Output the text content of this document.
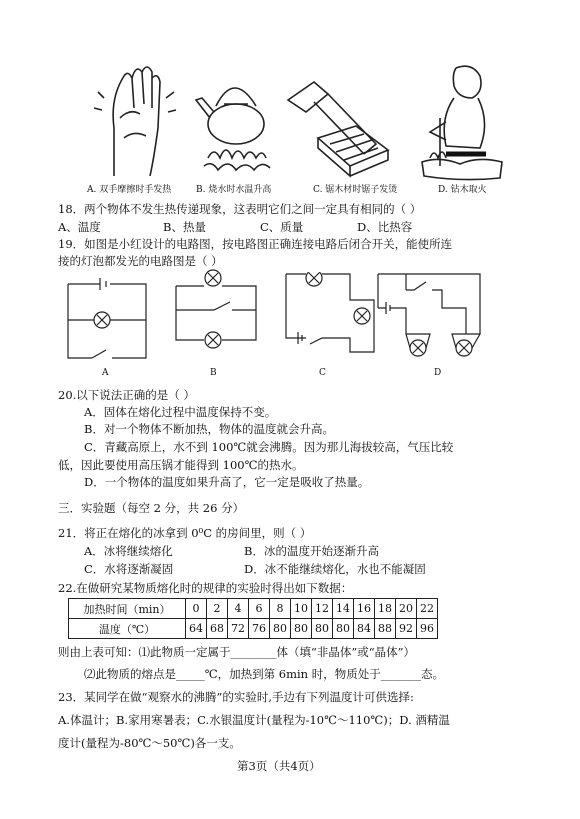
A. 双手摩擦时手发热	B. 烧水时水温升高	C. 锯木材时锯子发烫	D. 钻木取火
18．两个物体不发生热传递现象，这表明它们之间一定具有相同的（ ）
A、温度	B、热量	C、质量	D、比热容
19．如图是小红设计的电路图，按电路图正确连接电路后闭合开关，能使所连
接的灯泡都发光的电路图是（ ）
A	B	C	D
20.以下说法正确的是（ ）
A．固体在熔化过程中温度保持不变。
B．对一个物体不断加热，物体的温度就会升高。
C．青藏高原上，水不到 100℃就会沸腾。因为那儿海拔较高，气压比较
低，因此要使用高压锅才能得到 100℃的热水。
D．一个物体的温度如果升高了，它一定是吸收了热量。
三．实验题（每空 2 分，共 26 分）
21．将正在熔化的冰拿到 0⁰C 的房间里，则（ ）
A．冰将继续熔化	B．冰的温度开始逐渐升高
C．水将逐渐凝固	D．冰不能继续熔化，水也不能凝固
22.在做研究某物质熔化时的规律的实验时得出如下数据：
加热时间（min）	0	2	4	6	8	10	12	14	16	18	20	22
温度（℃）	64	68	72	76	80	80	80	80	84	88	92	96
则由上表可知：⑴此物质一定属于________体（填“非晶体”或“晶体”）
⑵此物质的熔点是_____℃，加热到第 6min 时，物质处于_______态。
23．某同学在做“观察水的沸腾”的实验时,手边有下列温度计可供选择:
A.体温计；B.家用寒暑表；C.水银温度计(量程为-10℃～110℃)；D. 酒精温
度计(量程为-80℃～50℃)各一支。
第3页（共4页）
